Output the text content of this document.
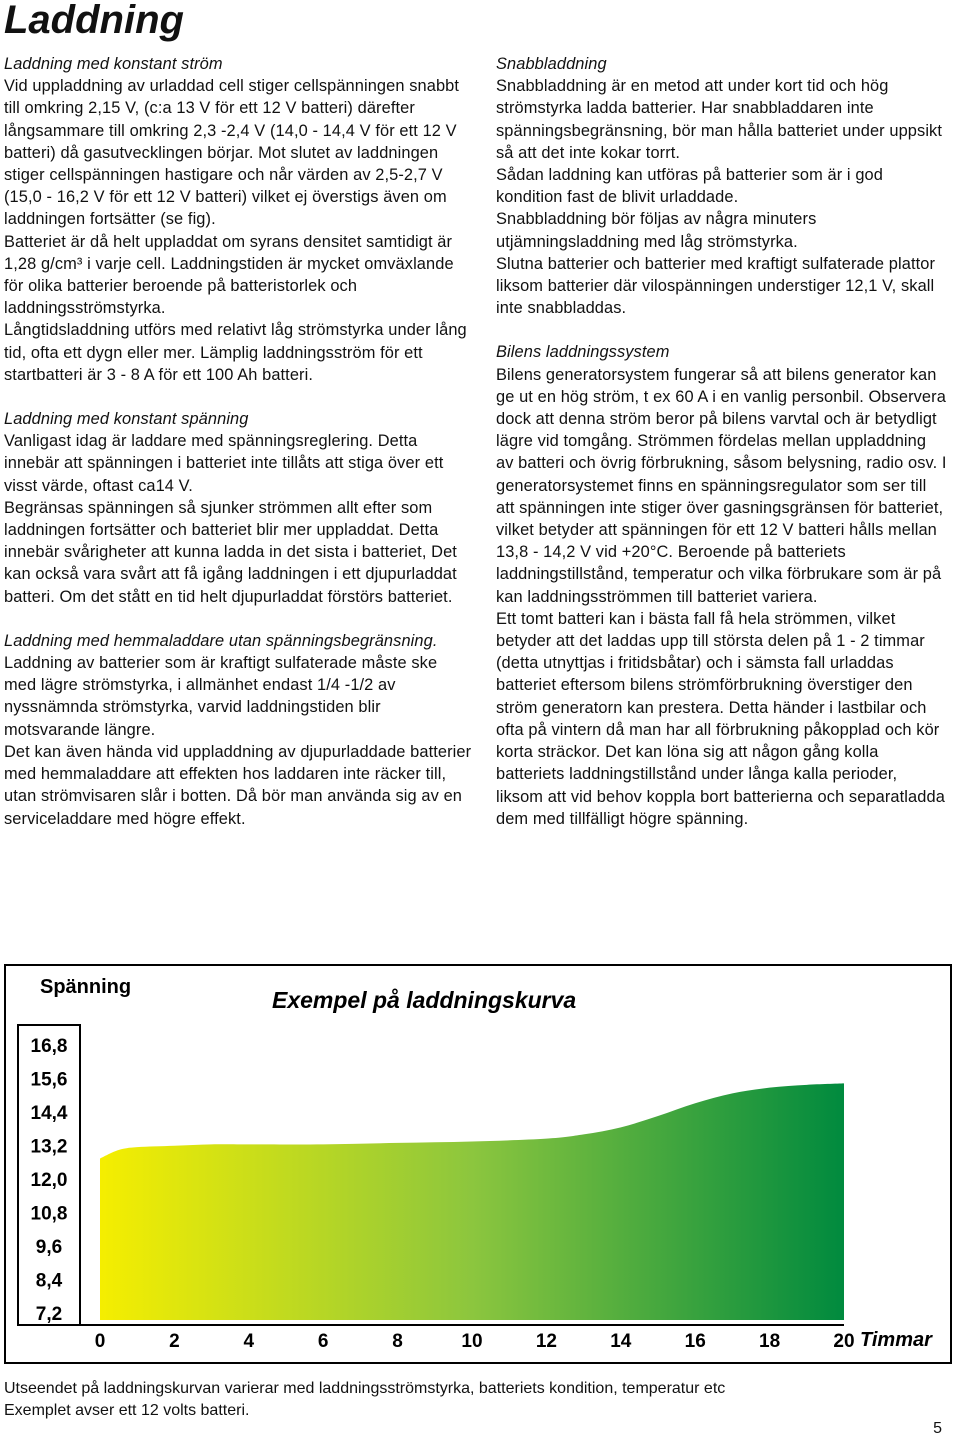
Laddning
Laddning med konstant ström

Vid uppladdning av urladdad cell stiger cellspänningen snabbt till omkring 2,15 V, (c:a 13 V för ett 12 V batteri) därefter långsammare till omkring 2,3 -2,4 V (14,0 - 14,4 V för ett 12 V batteri) då gasutvecklingen börjar. Mot slutet av laddningen stiger cellspänningen hastigare och når värden av 2,5-2,7 V (15,0 - 16,2 V för ett 12 V batteri) vilket ej överstigs även om laddningen fortsätter (se fig).

Batteriet är då helt uppladdat om syrans densitet samtidigt är 1,28 g/cm³ i varje cell. Laddningstiden är mycket omväxlande för olika batterier beroende på batteristorlek och laddningsströmstyrka.

Långtidsladdning utförs med relativt låg strömstyrka under lång tid, ofta ett dygn eller mer. Lämplig laddningsström för ett startbatteri är 3 - 8 A för ett 100 Ah batteri.

Laddning med konstant spänning

Vanligast idag är laddare med spänningsreglering. Detta innebär att spänningen i batteriet inte tillåts att stiga över ett visst värde, oftast ca14 V.

Begränsas spänningen så sjunker strömmen allt efter som laddningen fortsätter och batteriet blir mer uppladdat. Detta innebär svårigheter att kunna ladda in det sista i batteriet, Det kan också vara svårt att få igång laddningen i ett djupurladdat batteri. Om det stått en tid helt djupurladdat förstörs batteriet.

Laddning med hemmaladdare utan spänningsbegränsning. Laddning av batterier som är kraftigt sulfaterade måste ske med lägre strömstyrka, i allmänhet endast 1/4 -1/2 av nyssnämnda strömstyrka, varvid laddningstiden blir motsvarande längre.

Det kan även hända vid uppladdning av djupurladdade batterier med hemmaladdare att effekten hos laddaren inte räcker till, utan strömvisaren slår i botten. Då bör man använda sig av en serviceladdare med högre effekt.

Snabbladdning

Snabbladdning är en metod att under kort tid och hög strömstyrka ladda batterier. Har snabbladdaren inte spänningsbegränsning, bör man hålla batteriet under uppsikt så att det inte kokar torrt.

Sådan laddning kan utföras på batterier som är i god kondition fast de blivit urladdade.

Snabbladdning bör följas av några minuters utjämningsladdning med låg strömstyrka.

Slutna batterier och batterier med kraftigt sulfaterade plattor liksom batterier där vilospänningen understiger 12,1 V, skall inte snabbladdas.

Bilens laddningssystem

Bilens generatorsystem fungerar så att bilens generator kan ge ut en hög ström, t ex 60 A i en vanlig personbil. Observera dock att denna ström beror på bilens varvtal och är betydligt lägre vid tomgång. Strömmen fördelas mellan uppladdning av batteri och övrig förbrukning, såsom belysning, radio osv. I generatorsystemet finns en spänningsregulator som ser till att spänningen inte stiger över gasningsgränsen för batteriet, vilket betyder att spänningen för ett 12 V batteri hålls mellan 13,8 - 14,2 V vid +20°C. Beroende på batteriets laddningstillstånd, temperatur och vilka förbrukare som är på kan laddningsströmmen till batteriet variera.

Ett tomt batteri kan i bästa fall få hela strömmen, vilket betyder att det laddas upp till största delen på 1 - 2 timmar (detta utnyttjas i fritidsbåtar) och i sämsta fall urladdas batteriet eftersom bilens strömförbrukning överstiger den ström generatorn kan prestera. Detta händer i lastbilar och ofta på vintern då man har all förbrukning påkopplad och kör korta sträckor. Det kan löna sig att någon gång kolla batteriets laddningstillstånd under långa kalla perioder, liksom att vid behov koppla bort batterierna och separatladda dem med tillfälligt högre spänning.

Spänning	Exempel på laddningskurva
16,8
15,6
14,4
13,2
12,0
10,8
9,6
8,4
7,2
0	2	4	6	8	10	12	14	16	18	20 Timmar

Utseendet på laddningskurvan varierar med laddningsströmstyrka, batteriets kondition, temperatur etc

Exemplet avser ett 12 volts batteri.

5
